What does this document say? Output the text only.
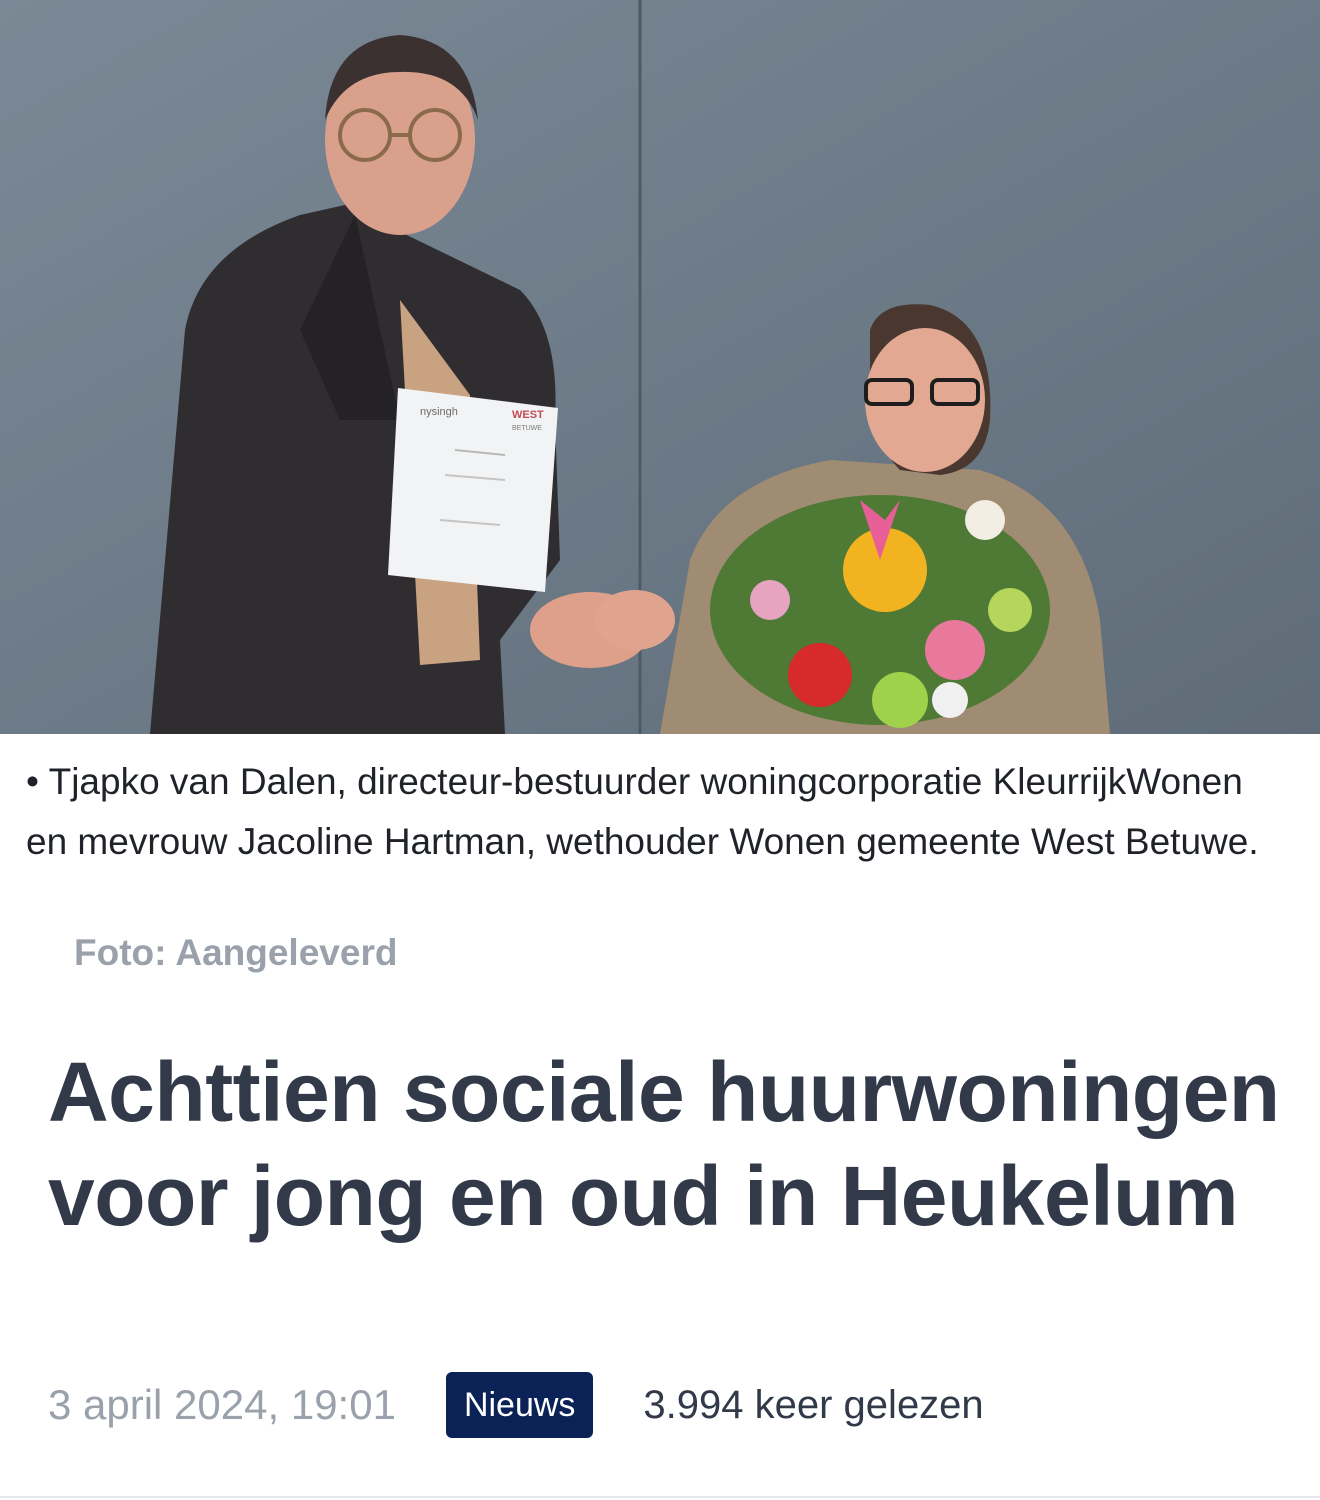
nysingh	WEST
BETUWE
• Tjapko van Dalen, directeur-bestuurder woningcorporatie KleurrijkWonen en mevrouw Jacoline Hartman, wethouder Wonen gemeente West Betuwe.
Foto: Aangeleverd
Achttien sociale huurwoningen voor jong en oud in Heukelum
3 april 2024, 19:01	Nieuws	3.994 keer gelezen
